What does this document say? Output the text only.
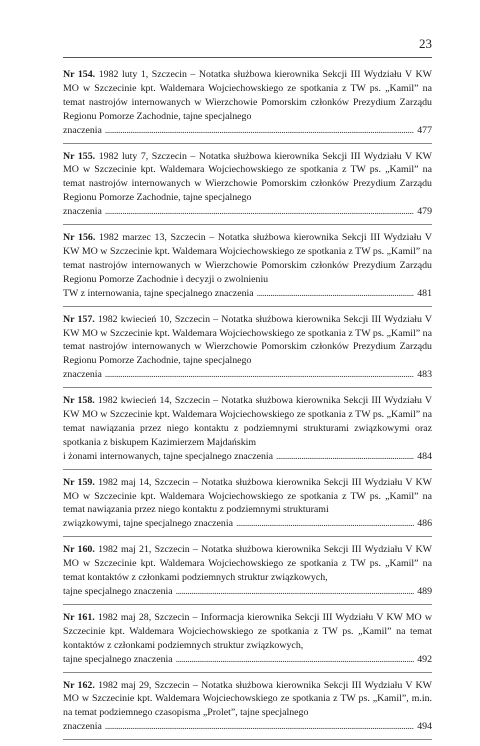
23
Nr 154. 1982 luty 1, Szczecin – Notatka służbowa kierownika Sekcji III Wydziału V KW MO w Szczecinie kpt. Waldemara Wojciechowskiego ze spotkania z TW ps. „Kamil” na temat nastrojów internowanych w Wierzchowie Pomorskim członków Prezydium Zarządu Regionu Pomorze Zachodnie, tajne specjalnego
znaczenia . . .	477
Nr 155. 1982 luty 7, Szczecin – Notatka służbowa kierownika Sekcji III Wydziału V KW MO w Szczecinie kpt. Waldemara Wojciechowskiego ze spotkania z TW ps. „Kamil” na temat nastrojów internowanych w Wierzchowie Pomorskim członków Prezydium Zarządu Regionu Pomorze Zachodnie, tajne specjalnego
znaczenia . . .	479
Nr 156. 1982 marzec 13, Szczecin – Notatka służbowa kierownika Sekcji III Wydziału V KW MO w Szczecinie kpt. Waldemara Wojciechowskiego ze spotkania z TW ps. „Kamil” na temat nastrojów internowanych w Wierzchowie Pomorskim członków Prezydium Zarządu Regionu Pomorze Zachodnie i decyzji o zwolnieniu
TW z internowania, tajne specjalnego znaczenia . . .	481
Nr 157. 1982 kwiecień 10, Szczecin – Notatka służbowa kierownika Sekcji III Wydziału V KW MO w Szczecinie kpt. Waldemara Wojciechowskiego ze spotkania z TW ps. „Kamil” na temat nastrojów internowanych w Wierzchowie Pomorskim członków Prezydium Zarządu Regionu Pomorze Zachodnie, tajne specjalnego
znaczenia . . .	483
Nr 158. 1982 kwiecień 14, Szczecin – Notatka służbowa kierownika Sekcji III Wydziału V KW MO w Szczecinie kpt. Waldemara Wojciechowskiego ze spotkania z TW ps. „Kamil” na temat nawiązania przez niego kontaktu z podziemnymi strukturami związkowymi oraz spotkania z biskupem Kazimierzem Majdańskim
i żonami internowanych, tajne specjalnego znaczenia . . .	484
Nr 159. 1982 maj 14, Szczecin – Notatka służbowa kierownika Sekcji III Wydziału V KW MO w Szczecinie kpt. Waldemara Wojciechowskiego ze spotkania z TW ps. „Kamil” na temat nawiązania przez niego kontaktu z podziemnymi strukturami
związkowymi, tajne specjalnego znaczenia . . .	486
Nr 160. 1982 maj 21, Szczecin – Notatka służbowa kierownika Sekcji III Wydziału V KW MO w Szczecinie kpt. Waldemara Wojciechowskiego ze spotkania z TW ps. „Kamil” na temat kontaktów z członkami podziemnych struktur związkowych,
tajne specjalnego znaczenia . . .	489
Nr 161. 1982 maj 28, Szczecin – Informacja kierownika Sekcji III Wydziału V KW MO w Szczecinie kpt. Waldemara Wojciechowskiego ze spotkania z TW ps. „Kamil” na temat kontaktów z członkami podziemnych struktur związkowych,
tajne specjalnego znaczenia . . .	492
Nr 162. 1982 maj 29, Szczecin – Notatka służbowa kierownika Sekcji III Wydziału V KW MO w Szczecinie kpt. Waldemara Wojciechowskiego ze spotkania z TW ps. „Kamil”, m.in. na temat podziemnego czasopisma „Prolet”, tajne specjalnego
znaczenia . . .	494
